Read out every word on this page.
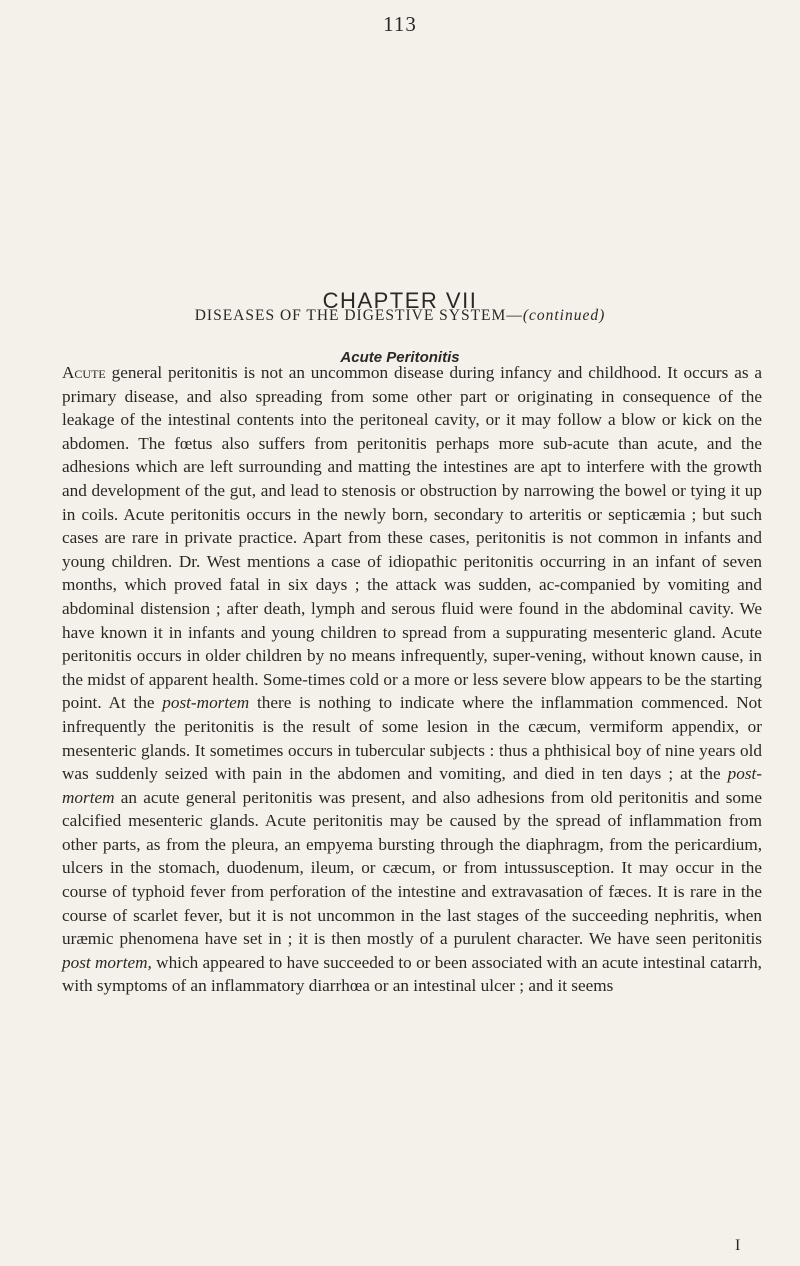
113
CHAPTER VII
DISEASES OF THE DIGESTIVE SYSTEM—(continued)
Acute Peritonitis

Acute general peritonitis is not an uncommon disease during infancy and childhood. It occurs as a primary disease, and also spreading from some other part or originating in consequence of the leakage of the intestinal contents into the peritoneal cavity, or it may follow a blow or kick on the abdomen. The fœtus also suffers from peritonitis perhaps more sub-acute than acute, and the adhesions which are left surrounding and matting the intestines are apt to interfere with the growth and development of the gut, and lead to stenosis or obstruction by narrowing the bowel or tying it up in coils. Acute peritonitis occurs in the newly born, secondary to arteritis or septicæmia ; but such cases are rare in private practice. Apart from these cases, peritonitis is not common in infants and young children. Dr. West mentions a case of idiopathic peritonitis occurring in an infant of seven months, which proved fatal in six days ; the attack was sudden, ac-companied by vomiting and abdominal distension ; after death, lymph and serous fluid were found in the abdominal cavity. We have known it in infants and young children to spread from a suppurating mesenteric gland. Acute peritonitis occurs in older children by no means infrequently, super-vening, without known cause, in the midst of apparent health. Some-times cold or a more or less severe blow appears to be the starting point. At the post-mortem there is nothing to indicate where the inflammation commenced. Not infrequently the peritonitis is the result of some lesion in the cæcum, vermiform appendix, or mesenteric glands. It sometimes occurs in tubercular subjects : thus a phthisical boy of nine years old was suddenly seized with pain in the abdomen and vomiting, and died in ten days ; at the post-mortem an acute general peritonitis was present, and also adhesions from old peritonitis and some calcified mesenteric glands. Acute peritonitis may be caused by the spread of inflammation from other parts, as from the pleura, an empyema bursting through the diaphragm, from the pericardium, ulcers in the stomach, duodenum, ileum, or cæcum, or from intussusception. It may occur in the course of typhoid fever from perforation of the intestine and extravasation of fæces. It is rare in the course of scarlet fever, but it is not uncommon in the last stages of the succeeding nephritis, when uræmic phenomena have set in ; it is then mostly of a purulent character. We have seen peritonitis post mortem, which appeared to have succeeded to or been associated with an acute intestinal catarrh, with symptoms of an inflammatory diarrhœa or an intestinal ulcer ; and it seems

I
